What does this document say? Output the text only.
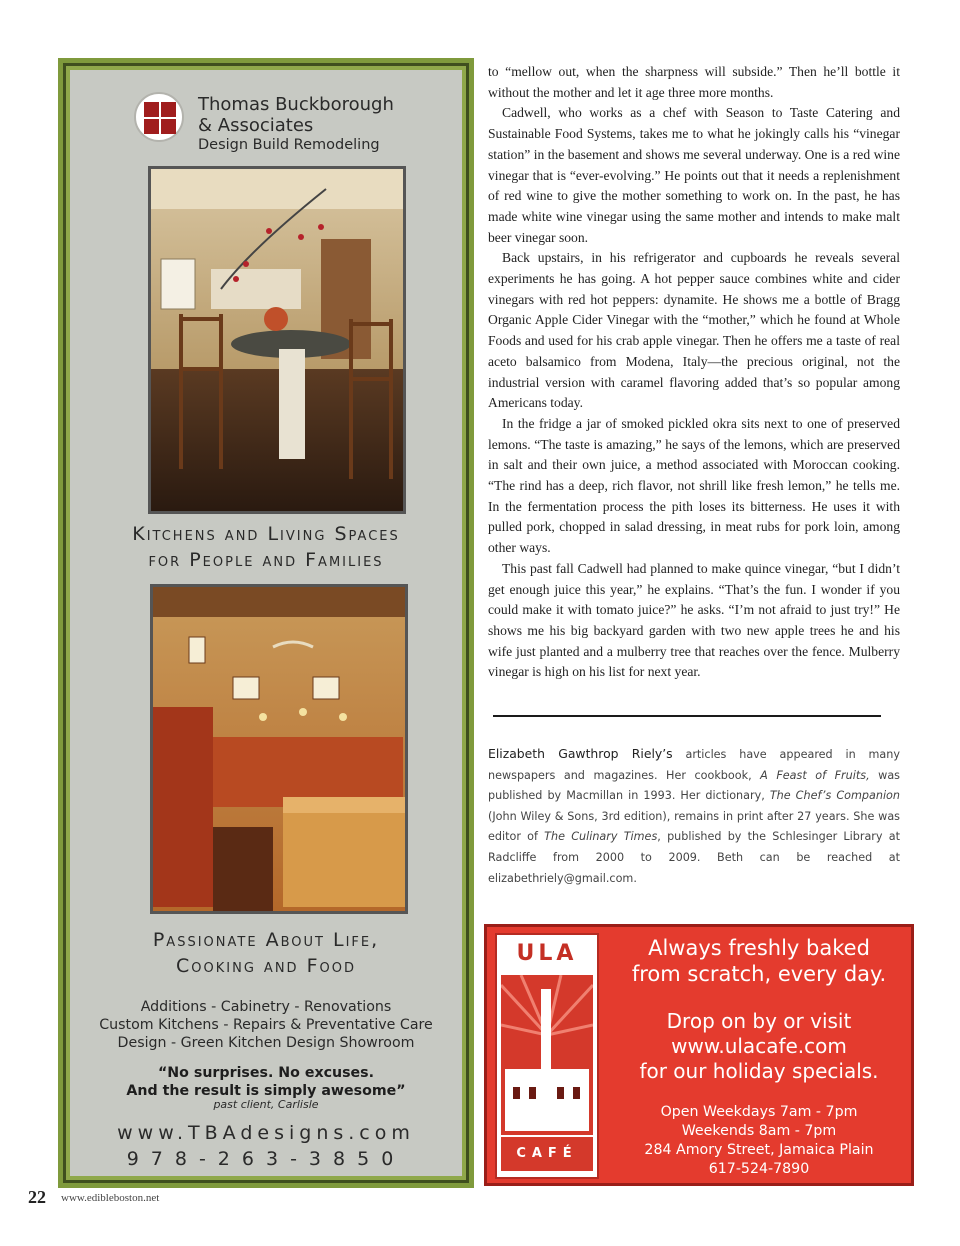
Thomas Buckborough
& Associates
Design Build Remodeling
Kitchens and Living Spaces
for People and Families
Passionate About Life,
Cooking and Food
Additions - Cabinetry - Renovations
Custom Kitchens - Repairs & Preventative Care
Design - Green Kitchen Design Showroom
“No surprises. No excuses.
And the result is simply awesome”
past client, Carlisle
www.TBAdesigns.com
978-263-3850

to “mellow out, when the sharpness will subside.” Then he’ll bottle it without the mother and let it age three more months.

Cadwell, who works as a chef with Season to Taste Catering and Sustainable Food Systems, takes me to what he jokingly calls his “vinegar station” in the basement and shows me several underway. One is a red wine vinegar that is “ever-evolving.” He points out that it needs a replenishment of red wine to give the mother something to work on. In the past, he has made white wine vinegar using the same mother and intends to make malt beer vinegar soon.

Back upstairs, in his refrigerator and cupboards he reveals several experiments he has going. A hot pepper sauce combines white and cider vinegars with red hot peppers: dynamite. He shows me a bottle of Bragg Organic Apple Cider Vinegar with the “mother,” which he found at Whole Foods and used for his crab apple vinegar. Then he offers me a taste of real aceto balsamico from Modena, Italy—the precious original, not the industrial version with caramel flavoring added that’s so popular among Americans today.

In the fridge a jar of smoked pickled okra sits next to one of preserved lemons. “The taste is amazing,” he says of the lemons, which are preserved in salt and their own juice, a method associated with Moroccan cooking. “The rind has a deep, rich flavor, not shrill like fresh lemon,” he tells me. In the fermentation process the pith loses its bitterness. He uses it with pulled pork, chopped in salad dressing, in meat rubs for pork loin, among other ways.

This past fall Cadwell had planned to make quince vinegar, “but I didn’t get enough juice this year,” he explains. “That’s the fun. I wonder if you could make it with tomato juice?” he asks. “I’m not afraid to just try!” He shows me his big backyard garden with two new apple trees he and his wife just planted and a mulberry tree that reaches over the fence. Mulberry vinegar is high on his list for next year.

Elizabeth Gawthrop Riely’s articles have appeared in many newspapers and magazines. Her cookbook, A Feast of Fruits, was published by Macmillan in 1993. Her dictionary, The Chef’s Companion (John Wiley & Sons, 3rd edition), remains in print after 27 years. She was editor of The Culinary Times, published by the Schlesinger Library at Radcliffe from 2000 to 2009. Beth can be reached at elizabethriely@gmail.com.
ULA
CAFÉ
Always freshly baked
from scratch, every day.
Drop on by or visit
www.ulacafe.com
for our holiday specials.
Open Weekdays 7am - 7pm
Weekends 8am - 7pm
284 Amory Street, Jamaica Plain
617-524-7890
22 www.edibleboston.net
